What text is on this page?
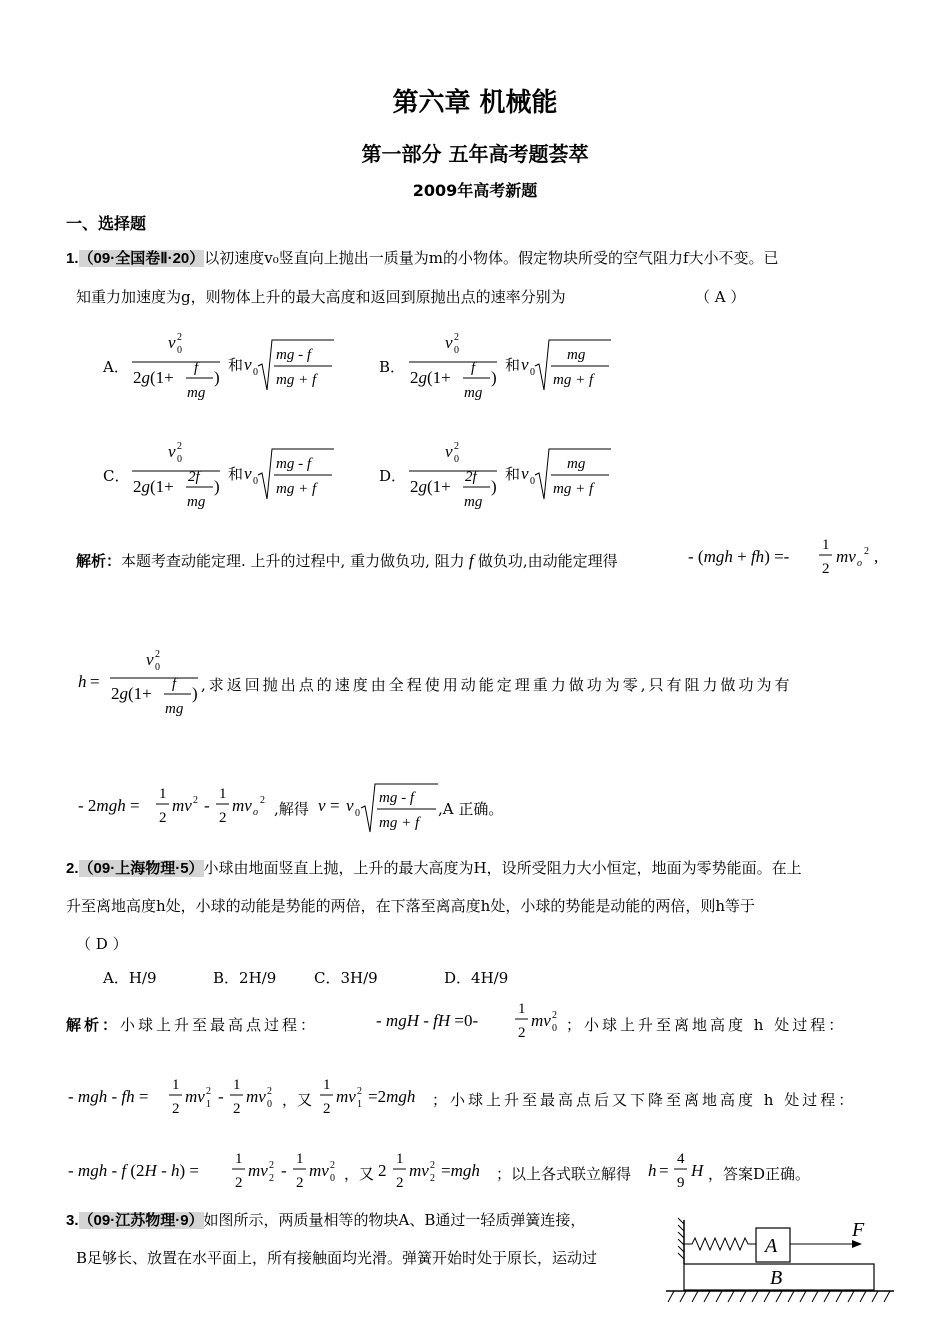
第六章 机械能
第一部分 五年高考题荟萃
2009年高考新题
一、选择题
1.（09·全国卷Ⅱ·20）以初速度v₀竖直向上抛出一质量为m的小物体。假定物块所受的空气阻力f大小不变。已
知重力加速度为g，则物体上升的最大高度和返回到原抛出点的速率分别为	（ A ）
A．
v 0
2
2g(1+ f
mg
)
和 v 0
mg - f
mg + f
B．
v 0
2
2g(1+ f
mg
)
和 v 0
mg
mg + f
C．
v 0
2
2g(1+ 2f
mg
)
和 v 0
mg - f
mg + f
D．
v 0
2
2g(1+ 2f
mg
)
和 v 0
mg
mg + f
解析：本题考查动能定理. 上升的过程中, 重力做负功, 阻力 f 做负功,由动能定理得	- (mgh + fh) =-
1
2
mv o
2 ,
h =
v 0
2
2g(1+ f
mg
) ,求返回抛出点的速度由全程使用动能定理重力做功为零,只有阻力做功为有
- 2mgh =
1
2
mv 2 -
1
2
mv o
2 ,解得 v = v 0
mg - f
mg + f
,A 正确。
2.（09·上海物理·5）小球由地面竖直上抛，上升的最大高度为H，设所受阻力大小恒定，地面为零势能面。在上
升至离地高度h处，小球的动能是势能的两倍，在下落至离高度h处，小球的势能是动能的两倍，则h等于
（ D ）
A．H/9	B．2H/9	C．3H/9	D．4H/9
解析：小球上升至最高点过程：	- mgH - fH =0-
1
2
mv 0
2
；小球上升至离地高度 h 处过程：
- mgh - fh =
1
2
mv 1
2 -
1
2
mv 0
2 ，又
1
2
mv 1
2 =2mgh ；小球上升至最高点后又下降至离地高度 h 处过程：
- mgh - f (2H - h) =
1
2
mv 2
2 -
1
2
mv 0
2 ，又 2
1
2
mv 2
2 =mgh ；以上各式联立解得 h =
4
9
H ，答案D正确。
3.（09·江苏物理·9）如图所示，两质量相等的物块A、B通过一轻质弹簧连接，
B足够长、放置在水平面上，所有接触面均光滑。弹簧开始时处于原长，运动过
A
F
B
